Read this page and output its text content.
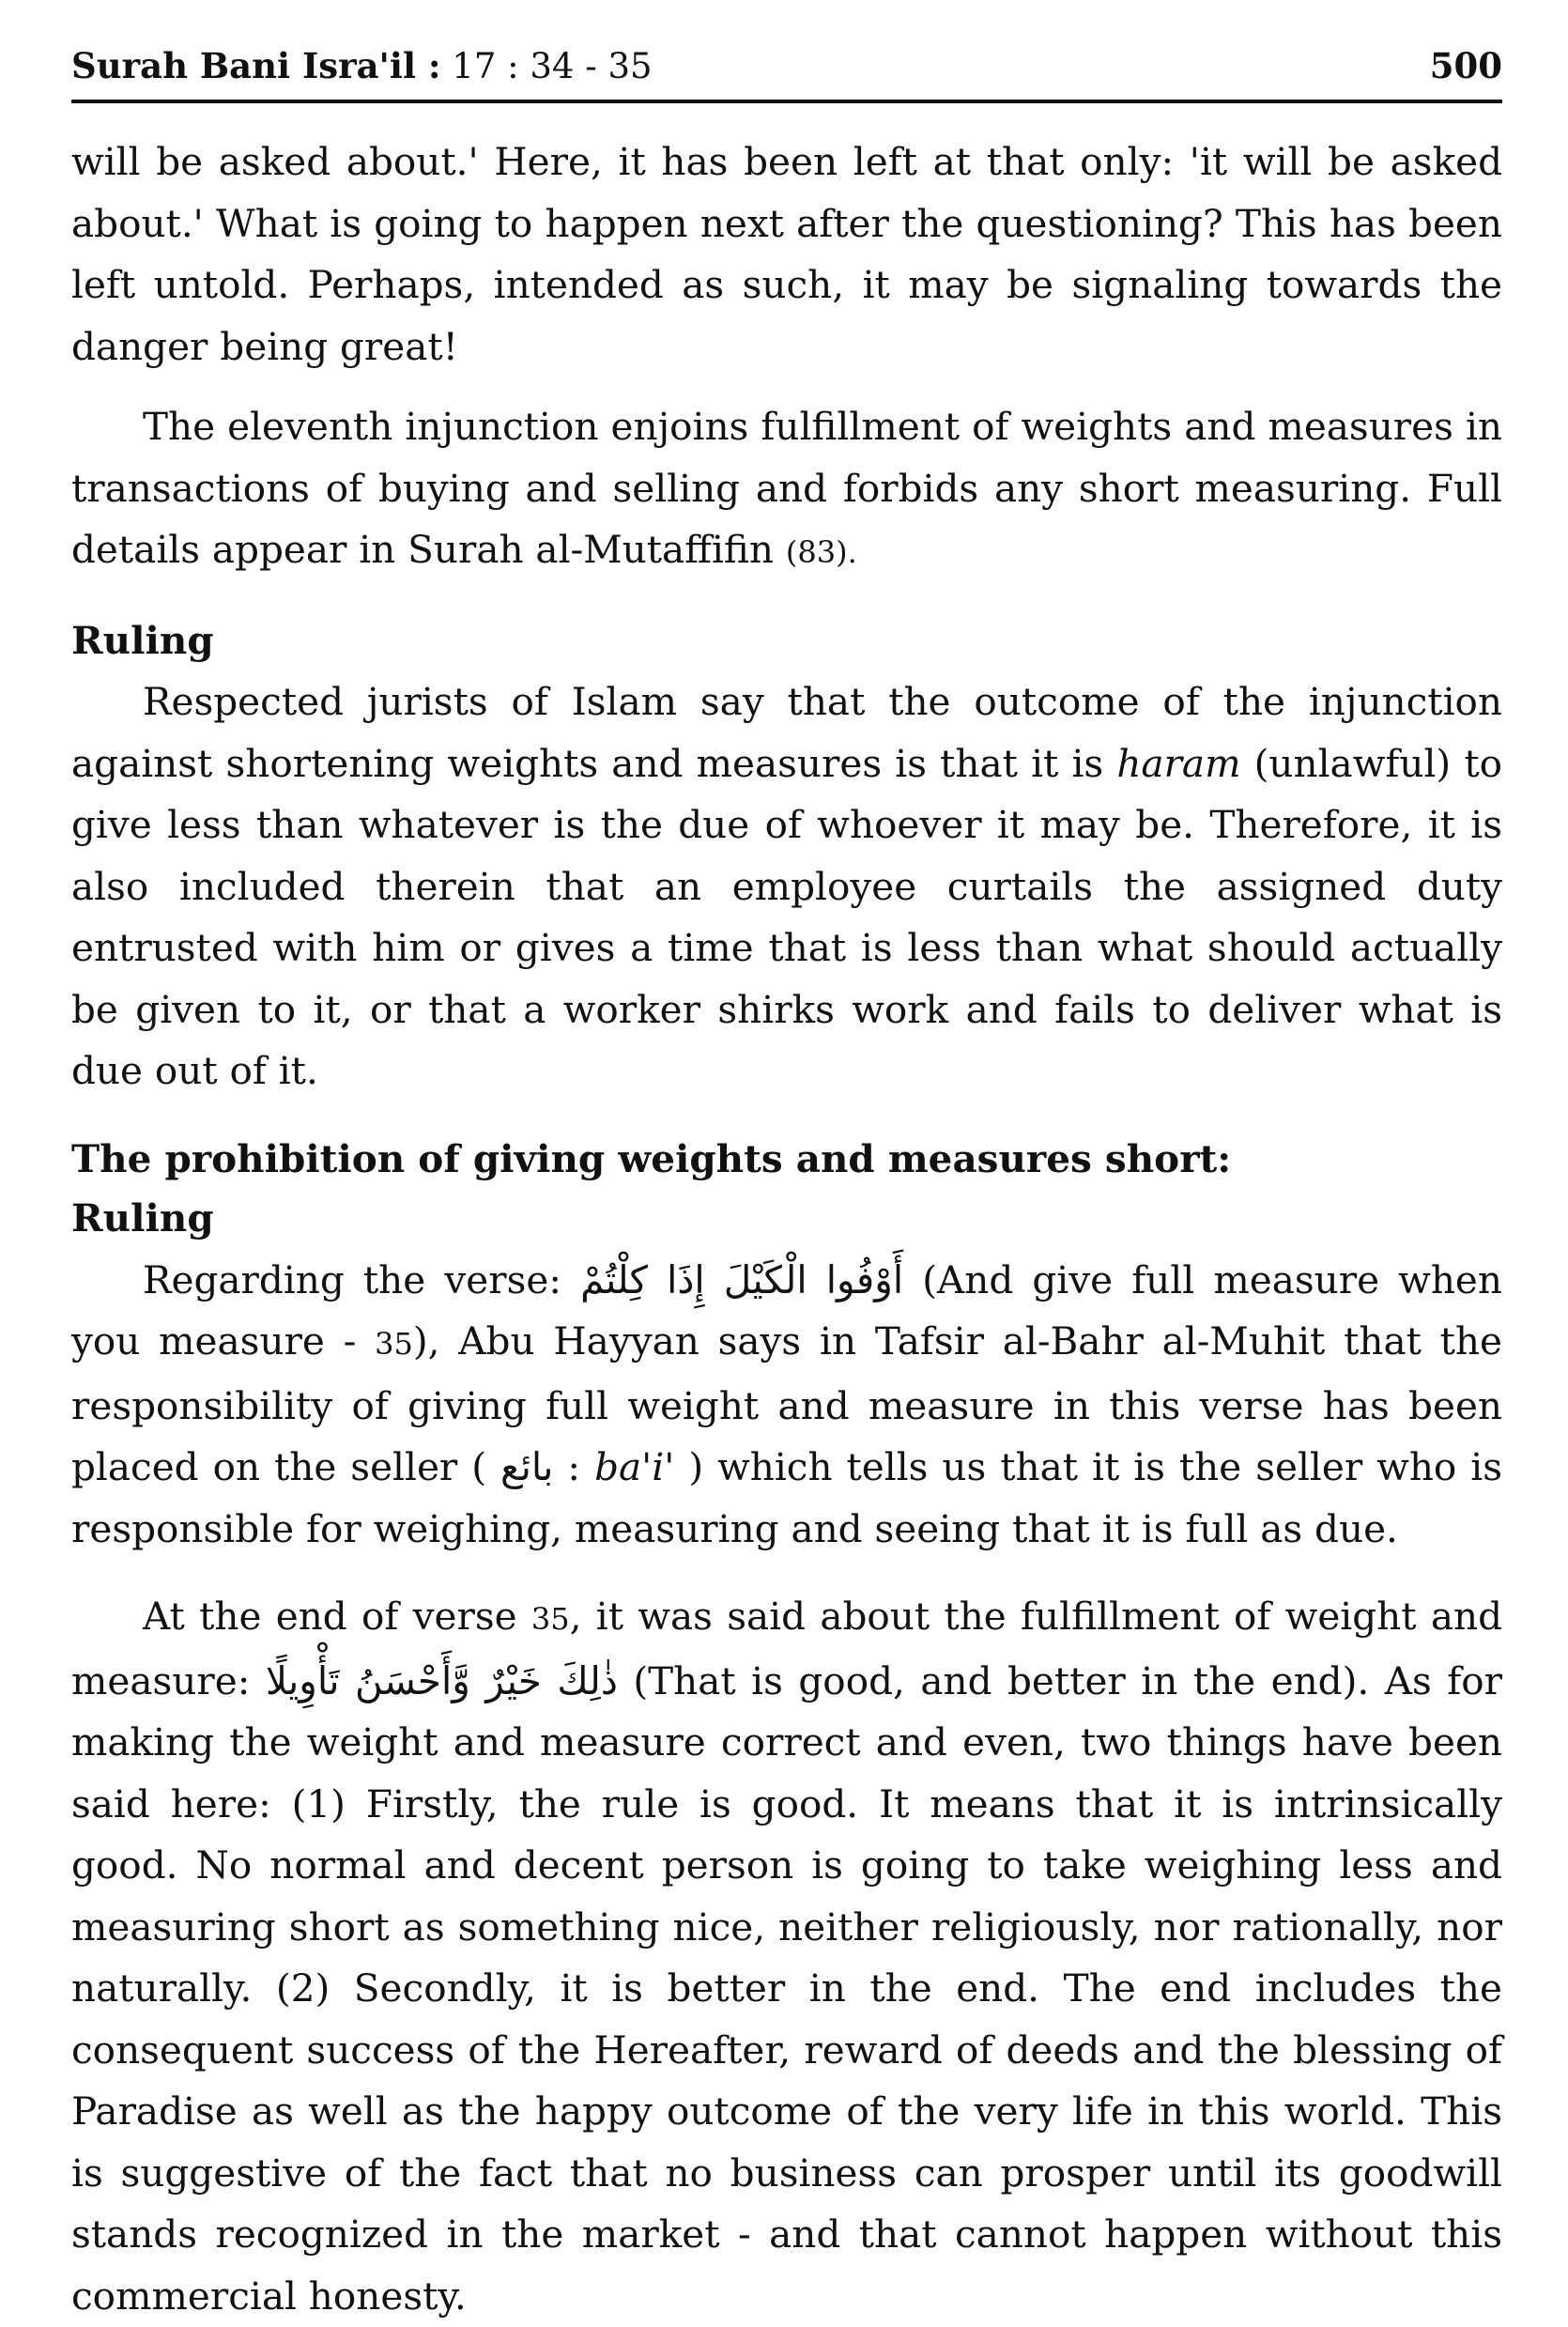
Surah Bani Isra'il : 17 : 34 - 35	500

will be asked about.' Here, it has been left at that only: 'it will be asked about.' What is going to happen next after the questioning? This has been left untold. Perhaps, intended as such, it may be signaling towards the danger being great!

The eleventh injunction enjoins fulfillment of weights and measures in transactions of buying and selling and forbids any short measuring. Full details appear in Surah al-Mutaffifin (83).

Ruling

Respected jurists of Islam say that the outcome of the injunction against shortening weights and measures is that it is haram (unlawful) to give less than whatever is the due of whoever it may be. Therefore, it is also included therein that an employee curtails the assigned duty entrusted with him or gives a time that is less than what should actually be given to it, or that a worker shirks work and fails to deliver what is due out of it.

The prohibition of giving weights and measures short:
Ruling

Regarding the verse: أَوْفُوا الْكَيْلَ إِذَا كِلْتُمْ (And give full measure when you measure - 35), Abu Hayyan says in Tafsir al-Bahr al-Muhit that the responsibility of giving full weight and measure in this verse has been placed on the seller ( بائع : ba'i' ) which tells us that it is the seller who is responsible for weighing, measuring and seeing that it is full as due.

At the end of verse 35, it was said about the fulfillment of weight and measure: ذٰلِكَ خَيْرٌ وَّأَحْسَنُ تَأْوِيلًا (That is good, and better in the end). As for making the weight and measure correct and even, two things have been said here: (1) Firstly, the rule is good. It means that it is intrinsically good. No normal and decent person is going to take weighing less and measuring short as something nice, neither religiously, nor rationally, nor naturally. (2) Secondly, it is better in the end. The end includes the consequent success of the Hereafter, reward of deeds and the blessing of Paradise as well as the happy outcome of the very life in this world. This is suggestive of the fact that no business can prosper until its goodwill stands recognized in the market - and that cannot happen without this commercial honesty.
